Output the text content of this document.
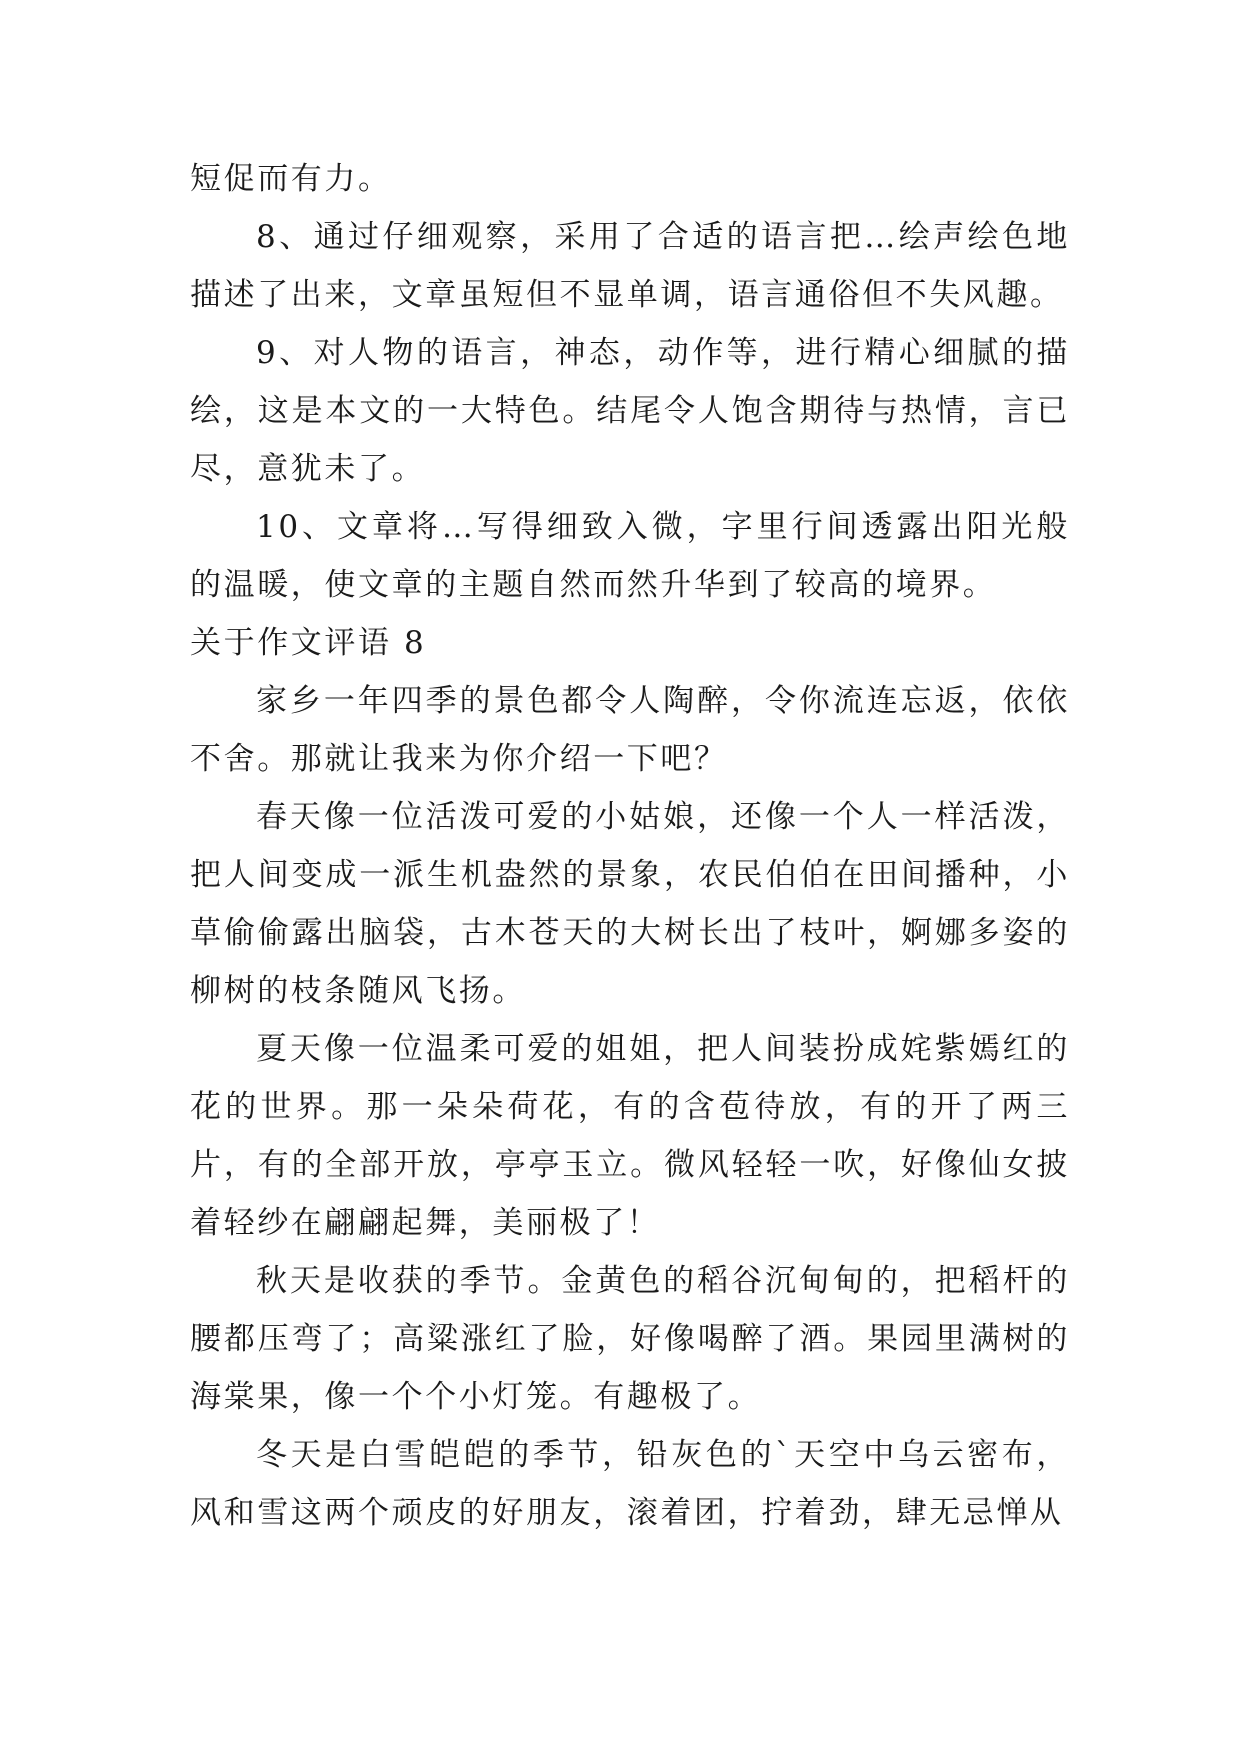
短促而有力。

8、通过仔细观察，采用了合适的语言把…绘声绘色地描述了出来，文章虽短但不显单调，语言通俗但不失风趣。

9、对人物的语言，神态，动作等，进行精心细腻的描绘，这是本文的一大特色。结尾令人饱含期待与热情，言已尽，意犹未了。

10、文章将…写得细致入微，字里行间透露出阳光般的温暖，使文章的主题自然而然升华到了较高的境界。

关于作文评语 8

家乡一年四季的景色都令人陶醉，令你流连忘返，依依不舍。那就让我来为你介绍一下吧？

春天像一位活泼可爱的小姑娘，还像一个人一样活泼，把人间变成一派生机盎然的景象，农民伯伯在田间播种，小草偷偷露出脑袋，古木苍天的大树长出了枝叶，婀娜多姿的柳树的枝条随风飞扬。

夏天像一位温柔可爱的姐姐，把人间装扮成姹紫嫣红的花的世界。那一朵朵荷花，有的含苞待放，有的开了两三片，有的全部开放，亭亭玉立。微风轻轻一吹，好像仙女披着轻纱在翩翩起舞，美丽极了！

秋天是收获的季节。金黄色的稻谷沉甸甸的，把稻杆的腰都压弯了；高粱涨红了脸，好像喝醉了酒。果园里满树的海棠果，像一个个小灯笼。有趣极了。

冬天是白雪皑皑的季节，铅灰色的`天空中乌云密布，风和雪这两个顽皮的好朋友，滚着团，拧着劲，肆无忌惮从
